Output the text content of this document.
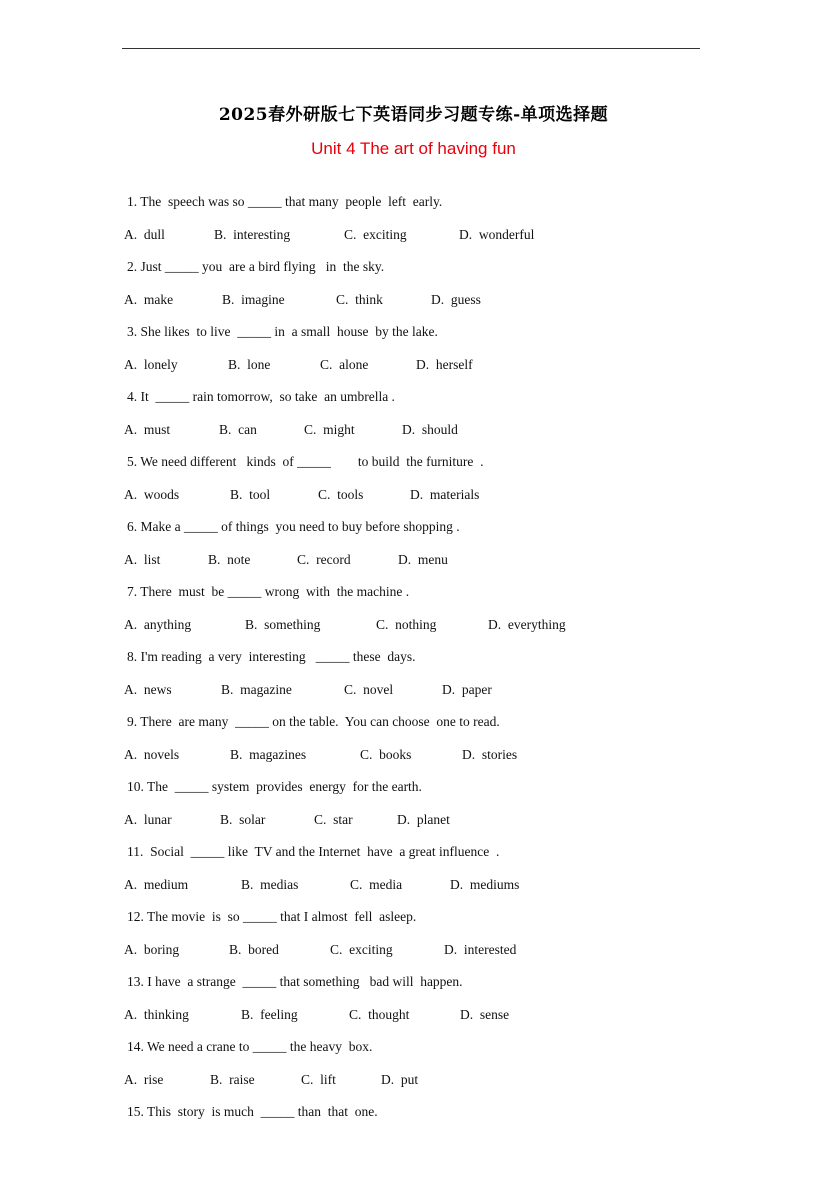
2025春外研版七下英语同步习题专练-单项选择题
Unit 4 The art of having fun
1. The  speech was so _____ that many  people  left  early.

A.  dull

	B.  interesting

	C.  exciting

	D.  wonderful

2. Just _____ you  are a bird flying   in  the sky.

A.  make

	B.  imagine

	C.  think

	D.  guess

3. She likes  to live  _____ in  a small  house  by the lake.

A.  lonely

	B.  lone

	C.  alone

	D.  herself

4. It  _____ rain tomorrow,  so take  an umbrella .

A.  must

	B.  can

	C.  might

	D.  should

5. We need different   kinds  of _____        to build  the furniture  .

A.  woods

	B.  tool

	C.  tools

	D.  materials

6. Make a _____ of things  you need to buy before shopping .

A.  list

	B.  note

	C.  record

	D.  menu

7. There  must  be _____ wrong  with  the machine .

A.  anything

	B.  something

	C.  nothing

	D.  everything

8. I'm reading  a very  interesting   _____ these  days.

A.  news

	B.  magazine

	C.  novel

	D.  paper

9. There  are many  _____ on the table.  You can choose  one to read.

A.  novels

	B.  magazines

	C.  books

	D.  stories

10. The  _____ system  provides  energy  for the earth.

A.  lunar

	B.  solar

	C.  star

	D.  planet

11.  Social  _____ like  TV and the Internet  have  a great influence  .

A.  medium

	B.  medias

	C.  media

	D.  mediums

12. The movie  is  so _____ that I almost  fell  asleep.

A.  boring

	B.  bored

	C.  exciting

	D.  interested

13. I have  a strange  _____ that something   bad will  happen.

A.  thinking

	B.  feeling

	C.  thought

	D.  sense

14. We need a crane to _____ the heavy  box.

A.  rise

	B.  raise

	C.  lift

	D.  put

15. This  story  is much  _____ than  that  one.
